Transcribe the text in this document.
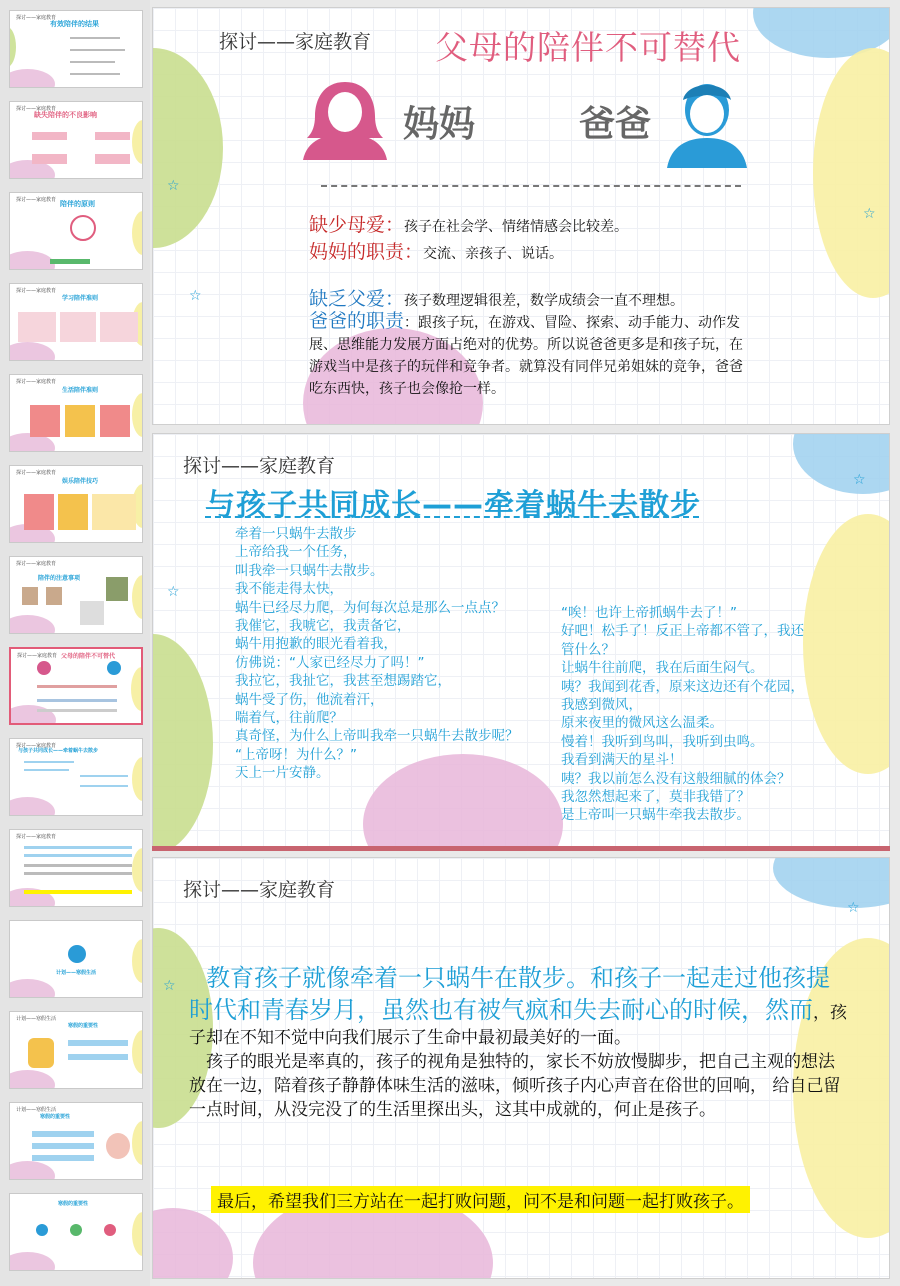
探讨——家庭教育
有效陪伴的结果
探讨——家庭教育
缺失陪伴的不良影响
探讨——家庭教育 陪伴的原则
探讨——家庭教育
学习陪伴准则
探讨——家庭教育
生活陪伴准则
探讨——家庭教育
娱乐陪伴技巧
探讨——家庭教育
陪伴的注意事项
探讨——家庭教育 父母的陪伴不可替代
探讨——家庭教育
与孩子共同成长——牵着蜗牛去散步
探讨——家庭教育
计划——寒假生活
计划——寒假生活
寒假的重要性
计划——寒假生活
寒假的重要性
寒假的重要性
☆
☆
☆
探讨——家庭教育 父母的陪伴不可替代
妈妈	爸爸
缺少母爱：孩子在社会学、情绪情感会比较差。
妈妈的职责：交流、亲孩子、说话。
缺乏父爱：孩子数理逻辑很差，数学成绩会一直不理想。
爸爸的职责：跟孩子玩，在游戏、冒险、探索、动手能力、动作发展、思维能力发展方面占绝对的优势。所以说爸爸更多是和孩子玩，在游戏当中是孩子的玩伴和竞争者。就算没有同伴兄弟姐妹的竞争，爸爸吃东西快，孩子也会像抢一样。
☆
☆
探讨——家庭教育
与孩子共同成长——牵着蜗牛去散步
牵着一只蜗牛去散步
上帝给我一个任务，
叫我牵一只蜗牛去散步。
我不能走得太快，
蜗牛已经尽力爬，为何每次总是那么一点点？
我催它，我唬它，我责备它，
蜗牛用抱歉的眼光看着我，
仿佛说：“人家已经尽力了吗！”
我拉它，我扯它，我甚至想踢踏它，
蜗牛受了伤，他流着汗，
喘着气，往前爬？
真奇怪，为什么上帝叫我牵一只蜗牛去散步呢？
“上帝呀！为什么？”
天上一片安静。
“唉！也许上帝抓蜗牛去了！”
好吧！松手了！反正上帝都不管了，我还
管什么？
让蜗牛往前爬，我在后面生闷气。
咦？我闻到花香，原来这边还有个花园，
我感到微风，
原来夜里的微风这么温柔。
慢着！我听到鸟叫，我听到虫鸣。
我看到满天的星斗！
咦？我以前怎么没有这般细腻的体会？
我忽然想起来了，莫非我错了？
是上帝叫一只蜗牛牵我去散步。
☆
☆
探讨——家庭教育

　教育孩子就像牵着一只蜗牛在散步。和孩子一起走过他孩提时代和青春岁月，虽然也有被气疯和失去耐心的时候，然而，孩子却在不知不觉中向我们展示了生命中最初最美好的一面。

　孩子的眼光是率真的，孩子的视角是独特的，家长不妨放慢脚步，把自己主观的想法放在一边，陪着孩子静静体味生活的滋味，倾听孩子内心声音在俗世的回响， 给自己留一点时间，从没完没了的生活里探出头，这其中成就的，何止是孩子。

最后，希望我们三方站在一起打败问题，问不是和问题一起打败孩子。
